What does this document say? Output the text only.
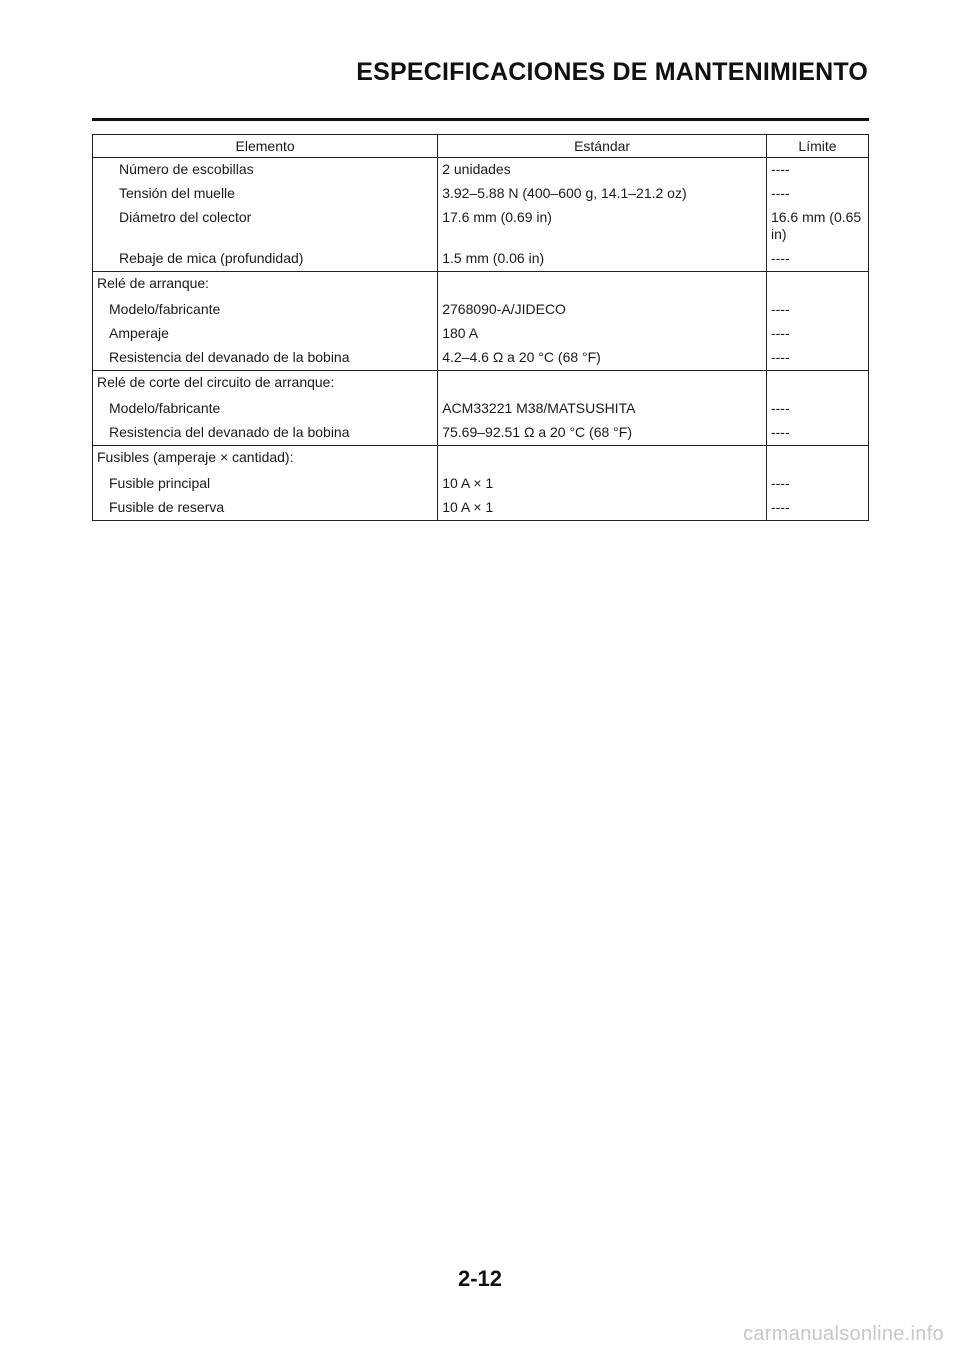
ESPECIFICACIONES DE MANTENIMIENTO
Elemento	Estándar	Límite
Número de escobillas	2 unidades	----
Tensión del muelle	3.92–5.88 N (400–600 g, 14.1–21.2 oz)	----
Diámetro del colector	17.6 mm (0.69 in)	16.6 mm (0.65 in)
Rebaje de mica (profundidad)	1.5 mm (0.06 in)	----
Relé de arranque:		
Modelo/fabricante	2768090-A/JIDECO	----
Amperaje	180 A	----
Resistencia del devanado de la bobina	4.2–4.6 Ω a 20 °C (68 °F)	----
Relé de corte del circuito de arranque:		
Modelo/fabricante	ACM33221 M38/MATSUSHITA	----
Resistencia del devanado de la bobina	75.69–92.51 Ω a 20 °C (68 °F)	----
Fusibles (amperaje × cantidad):		
Fusible principal	10 A × 1	----
Fusible de reserva	10 A × 1	----
2-12
carmanualsonline.info
